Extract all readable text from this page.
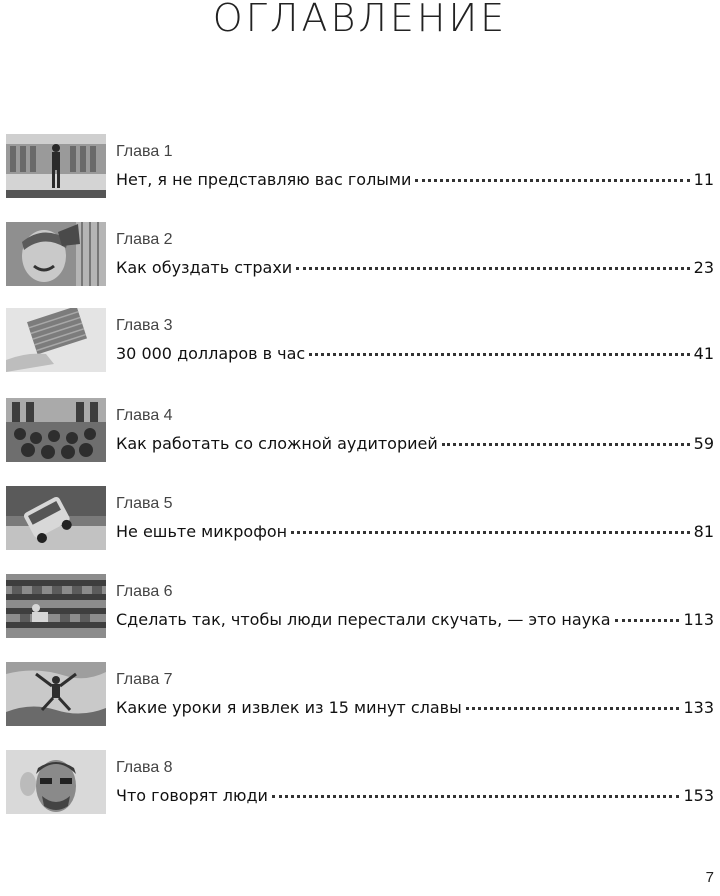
ОГЛАВЛЕНИЕ
Глава 1
Нет, я не представляю вас голыми	11
Глава 2
Как обуздать страхи	23
Глава 3
30 000 долларов в час	41
Глава 4
Как работать со сложной аудиторией	59
Глава 5
Не ешьте микрофон	81
Глава 6
Сделать так, чтобы люди перестали скучать, — это наука	113
Глава 7
Какие уроки я извлек из 15 минут славы	133
Глава 8
Что говорят люди	153
7
